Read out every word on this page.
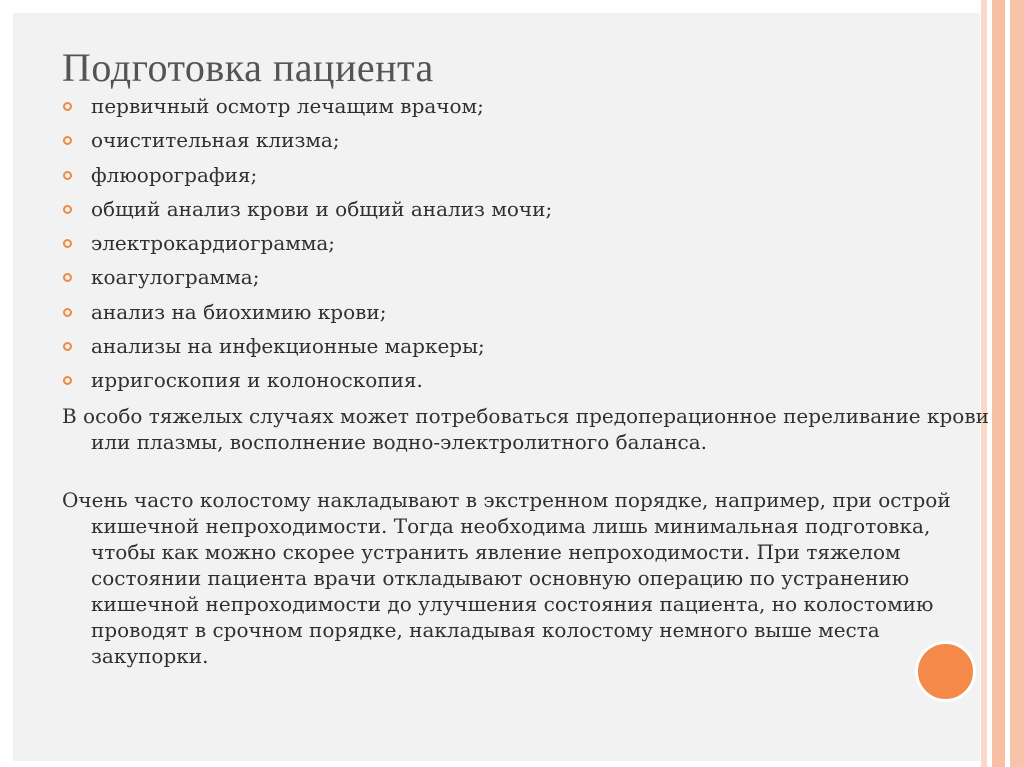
Подготовка пациента
первичный осмотр лечащим врачом;
очистительная клизма;
флюорография;
общий анализ крови и общий анализ мочи;
электрокардиограмма;
коагулограмма;
анализ на биохимию крови;
анализы на инфекционные маркеры;
ирригоскопия и колоноскопия.

В особо тяжелых случаях может потребоваться предоперационное переливание крови или плазмы, восполнение водно-электролитного баланса.

Очень часто колостому накладывают в экстренном порядке, например, при острой кишечной непроходимости. Тогда необходима лишь минимальная подготовка, чтобы как можно скорее устранить явление непроходимости. При тяжелом состоянии пациента врачи откладывают основную операцию по устранению кишечной непроходимости до улучшения состояния пациента, но колостомию проводят в срочном порядке, накладывая колостому немного выше места закупорки.
